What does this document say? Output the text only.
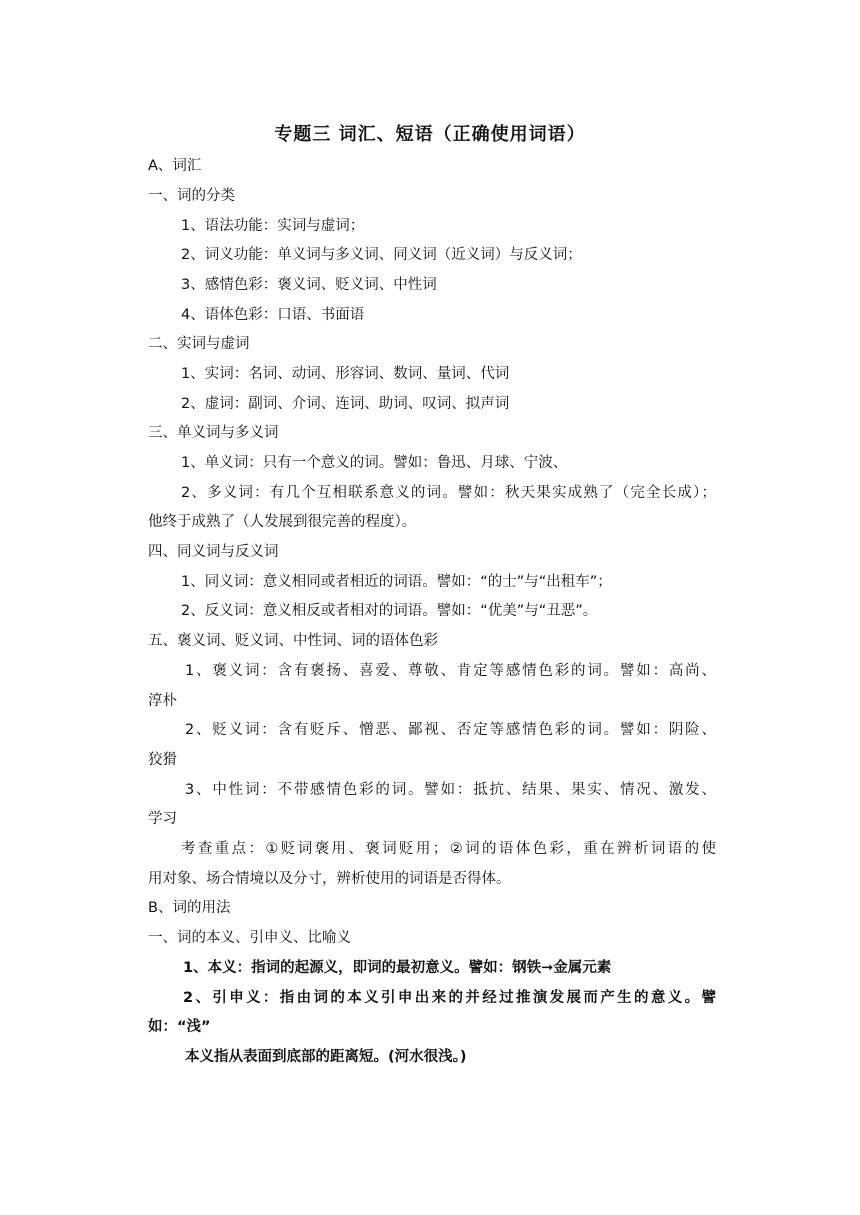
专题三 词汇、短语（正确使用词语）
A、词汇
一、词的分类
1、语法功能：实词与虚词；
2、词义功能：单义词与多义词、同义词（近义词）与反义词；
3、感情色彩：褒义词、贬义词、中性词
4、语体色彩：口语、书面语
二、实词与虚词
1、实词：名词、动词、形容词、数词、量词、代词
2、虚词：副词、介词、连词、助词、叹词、拟声词
三、单义词与多义词
1、单义词：只有一个意义的词。譬如：鲁迅、月球、宁波、
2、多义词：有几个互相联系意义的词。譬如：秋天果实成熟了（完全长成）；
他终于成熟了（人发展到很完善的程度）。
四、同义词与反义词
1、同义词：意义相同或者相近的词语。譬如：“的士”与“出租车”；
2、反义词：意义相反或者相对的词语。譬如：“优美”与“丑恶”。
五、褒义词、贬义词、中性词、词的语体色彩
1、褒义词：含有褒扬、喜爱、尊敬、肯定等感情色彩的词。譬如：高尚、
淳朴
2、贬义词：含有贬斥、憎恶、鄙视、否定等感情色彩的词。譬如：阴险、
狡猾
3、中性词：不带感情色彩的词。譬如：抵抗、结果、果实、情况、激发、
学习
考查重点：①贬词褒用、褒词贬用；②词的语体色彩，重在辨析词语的使
用对象、场合情境以及分寸，辨析使用的词语是否得体。
B、词的用法
一、词的本义、引申义、比喻义
1、本义：指词的起源义，即词的最初意义。譬如：钢铁➞金属元素
2、引申义：指由词的本义引申出来的并经过推演发展而产生的意义。譬
如：“浅”
本义指从表面到底部的距离短。(河水很浅。)
